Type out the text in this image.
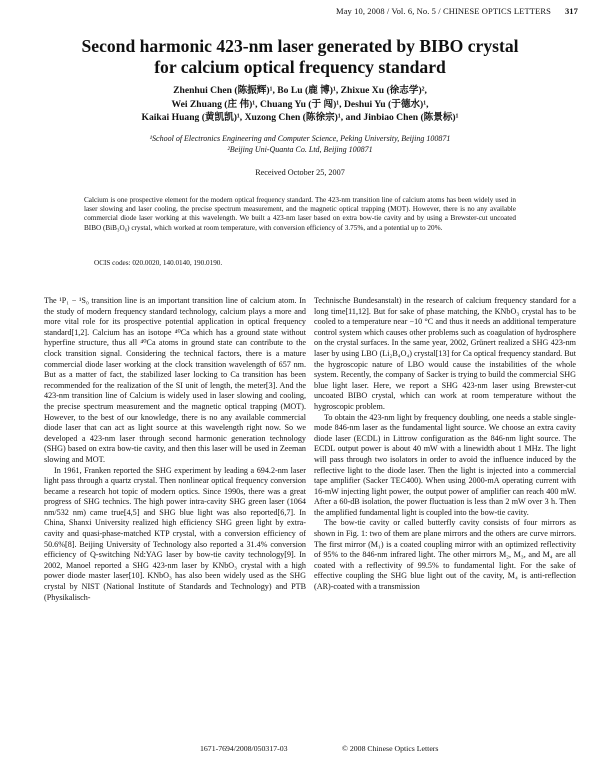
May 10, 2008 / Vol. 6, No. 5 / CHINESE OPTICS LETTERS 317
Second harmonic 423-nm laser generated by BIBO crystal
for calcium optical frequency standard
Zhenhui Chen (陈振辉)¹, Bo Lu (鹿 博)¹, Zhixue Xu (徐志学)²,
Wei Zhuang (庄 伟)¹, Chuang Yu (于 闯)¹, Deshui Yu (于德水)¹,
Kaikai Huang (黄凯凯)¹, Xuzong Chen (陈徐宗)¹, and Jinbiao Chen (陈景标)¹
¹School of Electronics Engineering and Computer Science, Peking University, Beijing 100871
²Beijing Uni-Quanta Co. Ltd, Beijing 100871
Received October 25, 2007
Calcium is one prospective element for the modern optical frequency standard. The 423-nm transition line of calcium atoms has been widely used in laser slowing and laser cooling, the precise spectrum measurement, and the magnetic optical trapping (MOT). However, there is no any available commercial diode laser working at this wavelength. We built a 423-nm laser based on extra bow-tie cavity and by using a Brewster-cut uncoated BIBO (BiB₃O₆) crystal, which worked at room temperature, with conversion efficiency of 3.75%, and a potential up to 20%.
OCIS codes: 020.0020, 140.0140, 190.0190.

The ¹P₁ − ¹S₀ transition line is an important transition line of calcium atom. In the study of modern frequency standard technology, calcium plays a more and more vital role for its prospective potential application in optical frequency standard[1,2]. Calcium has an isotope ⁴⁰Ca which has a ground state without hyperfine structure, thus all ⁴⁰Ca atoms in ground state can contribute to the clock transition signal. Considering the technical factors, there is a mature commercial diode laser working at the clock transition wavelength of 657 nm. But as a matter of fact, the stabilized laser locking to Ca transition has been recommended for the realization of the SI unit of length, the meter[3]. And the 423-nm transition line of Calcium is widely used in laser slowing and cooling, the precise spectrum measurement and the magnetic optical trapping (MOT). However, to the best of our knowledge, there is no any available commercial diode laser that can act as light source at this wavelength right now. So we developed a 423-nm laser through second harmonic generation technology (SHG) based on extra bow-tie cavity, and then this laser will be used in Zeeman slowing and MOT.

In 1961, Franken reported the SHG experiment by leading a 694.2-nm laser light pass through a quartz crystal. Then nonlinear optical frequency conversion became a research hot topic of modern optics. Since 1990s, there was a great progress of SHG technics. The high power intra-cavity SHG green laser (1064 nm/532 nm) came true[4,5] and SHG blue light was also reported[6,7]. In China, Shanxi University realized high efficiency SHG green light by extra-cavity and quasi-phase-matched KTP crystal, with a conversion efficiency of 50.6%[8]. Beijing University of Technology also reported a 31.4% conversion efficiency of Q-switching Nd:YAG laser by bow-tie cavity technology[9]. In 2002, Manoel reported a SHG 423-nm laser by KNbO₃ crystal with a high power diode master laser[10]. KNbO₃ has also been widely used as the SHG crystal by NIST (National Institute of Standards and Technology) and PTB (Physikalisch-

Technische Bundesanstalt) in the research of calcium frequency standard for a long time[11,12]. But for sake of phase matching, the KNbO₃ crystal has to be cooled to a temperature near −10 °C and thus it needs an additional temperature control system which causes other problems such as coagulation of hydrosphere on the crystal surfaces. In the same year, 2002, Grünert realized a SHG 423-nm laser by using LBO (Li₂B₄O₄) crystal[13] for Ca optical frequency standard. But the hygroscopic nature of LBO would cause the instabilities of the whole system. Recently, the company of Sacker is trying to build the commercial SHG blue light laser. Here, we report a SHG 423-nm laser using Brewster-cut uncoated BIBO crystal, which can work at room temperature without the hygroscopic problem.

To obtain the 423-nm light by frequency doubling, one needs a stable single-mode 846-nm laser as the fundamental light source. We choose an extra cavity diode laser (ECDL) in Littrow configuration as the 846-nm light source. The ECDL output power is about 40 mW with a linewidth about 1 MHz. The light will pass through two isolators in order to avoid the influence induced by the reflective light to the diode laser. Then the light is injected into a commercial tape amplifier (Sacker TEC400). When using 2000-mA operating current with 16-mW injecting light power, the output power of amplifier can reach 400 mW. After a 60-dB isolation, the power fluctuation is less than 2 mW over 3 h. Then the amplified fundamental light is coupled into the bow-tie cavity.

The bow-tie cavity or called butterfly cavity consists of four mirrors as shown in Fig. 1: two of them are plane mirrors and the others are curve mirrors. The first mirror (M₁) is a coated coupling mirror with an optimized reflectivity of 95% to the 846-nm infrared light. The other mirrors M₂, M₃, and M₄ are all coated with a reflectivity of 99.5% to fundamental light. For the sake of effective coupling the SHG blue light out of the cavity, M₄ is anti-reflection (AR)-coated with a transmission

1671-7694/2008/050317-03	© 2008 Chinese Optics Letters
